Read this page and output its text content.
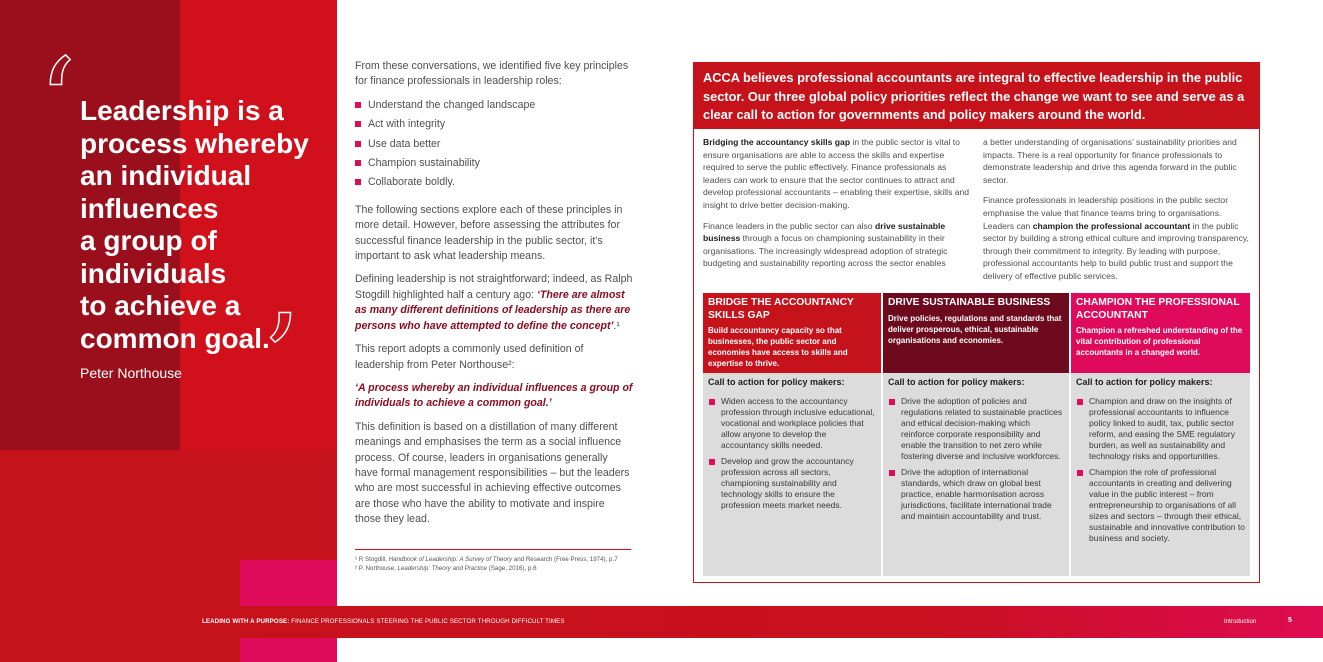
‘ Leadership is a
process whereby
an individual
influences
a group of
individuals
to achieve a
common goal.
’
Peter Northouse

From these conversations, we identified five key principles for finance professionals in leadership roles:

Understand the changed landscape
Act with integrity
Use data better
Champion sustainability
Collaborate boldly.

The following sections explore each of these principles in more detail. However, before assessing the attributes for successful finance leadership in the public sector, it’s important to ask what leadership means.

Defining leadership is not straightforward; indeed, as Ralph Stogdill highlighted half a century ago: ‘There are almost as many different definitions of leadership as there are persons who have attempted to define the concept’.¹

This report adopts a commonly used definition of leadership from Peter Northouse²:

‘A process whereby an individual influences a group of individuals to achieve a common goal.’

This definition is based on a distillation of many different meanings and emphasises the term as a social influence process. Of course, leaders in organisations generally have formal management responsibilities – but the leaders who are most successful in achieving effective outcomes are those who have the ability to motivate and inspire those they lead.

¹ R Stogdill, Handbook of Leadership: A Survey of Theory and Research (Free Press, 1974), p.7
² P. Northouse, Leadership: Theory and Practice (Sage, 2016), p.6
ACCA believes professional accountants are integral to effective leadership in the public sector. Our three global policy priorities reflect the change we want to see and serve as a clear call to action for governments and policy makers around the world.

Bridging the accountancy skills gap in the public sector is vital to ensure organisations are able to access the skills and expertise required to serve the public effectively. Finance professionals as leaders can work to ensure that the sector continues to attract and develop professional accountants – enabling their expertise, skills and insight to drive better decision-making.

Finance leaders in the public sector can also drive sustainable business through a focus on championing sustainability in their organisations. The increasingly widespread adoption of strategic budgeting and sustainability reporting across the sector enables

a better understanding of organisations’ sustainability priorities and impacts. There is a real opportunity for finance professionals to demonstrate leadership and drive this agenda forward in the public sector.

Finance professionals in leadership positions in the public sector emphasise the value that finance teams bring to organisations. Leaders can champion the professional accountant in the public sector by building a strong ethical culture and improving transparency, through their commitment to integrity. By leading with purpose, professional accountants help to build public trust and support the delivery of effective public services.

BRIDGE THE ACCOUNTANCY SKILLS GAP
Build accountancy capacity so that businesses, the public sector and economies have access to skills and expertise to thrive.
Call to action for policy makers:
Widen access to the accountancy profession through inclusive educational, vocational and workplace policies that allow anyone to develop the accountancy skills needed.
Develop and grow the accountancy profession across all sectors, championing sustainability and technology skills to ensure the profession meets market needs.
DRIVE SUSTAINABLE BUSINESS
Drive policies, regulations and standards that deliver prosperous, ethical, sustainable organisations and economies.
Call to action for policy makers:
Drive the adoption of policies and regulations related to sustainable practices and ethical decision-making which reinforce corporate responsibility and enable the transition to net zero while fostering diverse and inclusive workforces.
Drive the adoption of international standards, which draw on global best practice, enable harmonisation across jurisdictions, facilitate international trade and maintain accountability and trust.
CHAMPION THE PROFESSIONAL ACCOUNTANT
Champion a refreshed understanding of the vital contribution of professional accountants in a changed world.
Call to action for policy makers:
Champion and draw on the insights of professional accountants to influence policy linked to audit, tax, public sector reform, and easing the SME regulatory burden, as well as sustainability and technology risks and opportunities.
Champion the role of professional accountants in creating and delivering value in the public interest – from entrepreneurship to organisations of all sizes and sectors – through their ethical, sustainable and innovative contribution to business and society.
LEADING WITH A PURPOSE: FINANCE PROFESSIONALS STEERING THE PUBLIC SECTOR THROUGH DIFFICULT TIMES	Introduction	5
